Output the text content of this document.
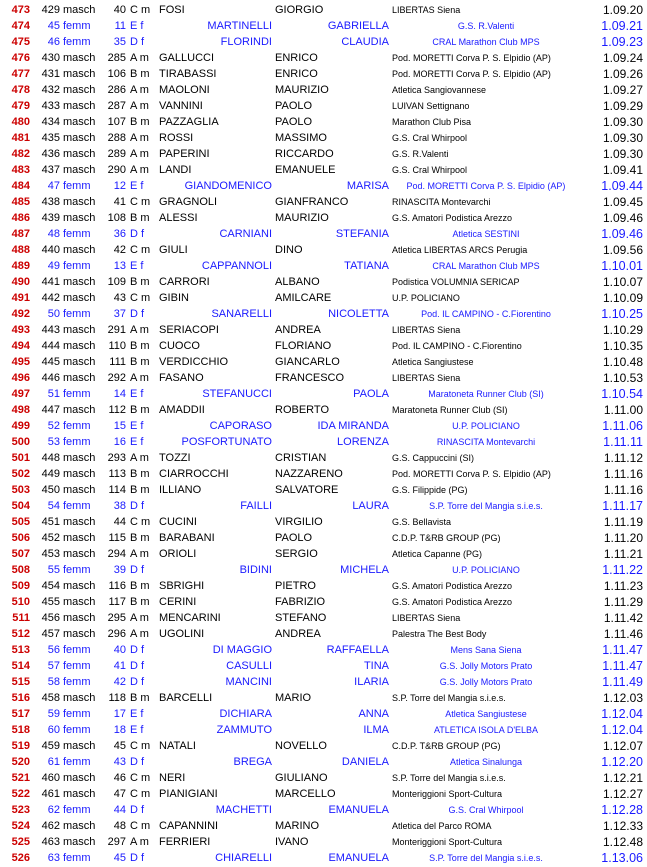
473	429 masch	40 C m FOSI	GIORGIO	LIBERTAS Siena	1.09.20
474	45 femm	11 E f	MARTINELLI	GABRIELLA	G.S. R.Valenti	1.09.21
475	46 femm	35 D f	FLORINDI	CLAUDIA	CRAL Marathon Club MPS	1.09.23
476	430 masch	285 A m GALLUCCI	ENRICO	Pod. MORETTI Corva P. S. Elpidio (AP)	1.09.24
477	431 masch	106 B m TIRABASSI	ENRICO	Pod. MORETTI Corva P. S. Elpidio (AP)	1.09.26
478	432 masch	286 A m MAOLONI	MAURIZIO	Atletica Sangiovannese	1.09.27
479	433 masch	287 A m VANNINI	PAOLO	LUIVAN Settignano	1.09.29
480	434 masch	107 B m PAZZAGLIA	PAOLO	Marathon Club Pisa	1.09.30
481	435 masch	288 A m ROSSI	MASSIMO	G.S. Cral Whirpool	1.09.30
482	436 masch	289 A m PAPERINI	RICCARDO	G.S. R.Valenti	1.09.30
483	437 masch	290 A m LANDI	EMANUELE	G.S. Cral Whirpool	1.09.41
484	47 femm	12 E f	GIANDOMENICO	MARISA	Pod. MORETTI Corva P. S. Elpidio (AP)	1.09.44
485	438 masch	41 C m GRAGNOLI	GIANFRANCO	RINASCITA Montevarchi	1.09.45
486	439 masch	108 B m ALESSI	MAURIZIO	G.S. Amatori Podistica Arezzo	1.09.46
487	48 femm	36 D f	CARNIANI	STEFANIA	Atletica SESTINI	1.09.46
488	440 masch	42 C m GIULI	DINO	Atletica LIBERTAS ARCS Perugia	1.09.56
489	49 femm	13 E f	CAPPANNOLI	TATIANA	CRAL Marathon Club MPS	1.10.01
490	441 masch	109 B m CARRORI	ALBANO	Podistica VOLUMNIA SERICAP	1.10.07
491	442 masch	43 C m GIBIN	AMILCARE	U.P. POLICIANO	1.10.09
492	50 femm	37 D f	SANARELLI	NICOLETTA	Pod. IL CAMPINO - C.Fiorentino	1.10.25
493	443 masch	291 A m SERIACOPI	ANDREA	LIBERTAS Siena	1.10.29
494	444 masch	110 B m CUOCO	FLORIANO	Pod. IL CAMPINO - C.Fiorentino	1.10.35
495	445 masch	111 B m VERDICCHIO	GIANCARLO	Atletica Sangiustese	1.10.48
496	446 masch	292 A m FASANO	FRANCESCO	LIBERTAS Siena	1.10.53
497	51 femm	14 E f	STEFANUCCI	PAOLA	Maratoneta Runner Club (SI)	1.10.54
498	447 masch	112 B m AMADDII	ROBERTO	Maratoneta Runner Club (SI)	1.11.00
499	52 femm	15 E f	CAPORASO	IDA MIRANDA	U.P. POLICIANO	1.11.06
500	53 femm	16 E f	POSFORTUNATO	LORENZA	RINASCITA Montevarchi	1.11.11
501	448 masch	293 A m TOZZI	CRISTIAN	G.S. Cappuccini (SI)	1.11.12
502	449 masch	113 B m CIARROCCHI	NAZZARENO	Pod. MORETTI Corva P. S. Elpidio (AP)	1.11.16
503	450 masch	114 B m ILLIANO	SALVATORE	G.S. Filippide (PG)	1.11.16
504	54 femm	38 D f	FAILLI	LAURA	S.P. Torre del Mangia s.i.e.s.	1.11.17
505	451 masch	44 C m CUCINI	VIRGILIO	G.S. Bellavista	1.11.19
506	452 masch	115 B m BARABANI	PAOLO	C.D.P. T&RB GROUP (PG)	1.11.20
507	453 masch	294 A m ORIOLI	SERGIO	Atletica Capanne (PG)	1.11.21
508	55 femm	39 D f	BIDINI	MICHELA	U.P. POLICIANO	1.11.22
509	454 masch	116 B m SBRIGHI	PIETRO	G.S. Amatori Podistica Arezzo	1.11.23
510	455 masch	117 B m CERINI	FABRIZIO	G.S. Amatori Podistica Arezzo	1.11.29
511	456 masch	295 A m MENCARINI	STEFANO	LIBERTAS Siena	1.11.42
512	457 masch	296 A m UGOLINI	ANDREA	Palestra The Best Body	1.11.46
513	56 femm	40 D f	DI MAGGIO	RAFFAELLA	Mens Sana Siena	1.11.47
514	57 femm	41 D f	CASULLI	TINA	G.S. Jolly Motors Prato	1.11.47
515	58 femm	42 D f	MANCINI	ILARIA	G.S. Jolly Motors Prato	1.11.49
516	458 masch	118 B m BARCELLI	MARIO	S.P. Torre del Mangia s.i.e.s.	1.12.03
517	59 femm	17 E f	DICHIARA	ANNA	Atletica Sangiustese	1.12.04
518	60 femm	18 E f	ZAMMUTO	ILMA	ATLETICA ISOLA D'ELBA	1.12.04
519	459 masch	45 C m NATALI	NOVELLO	C.D.P. T&RB GROUP (PG)	1.12.07
520	61 femm	43 D f	BREGA	DANIELA	Atletica Sinalunga	1.12.20
521	460 masch	46 C m NERI	GIULIANO	S.P. Torre del Mangia s.i.e.s.	1.12.21
522	461 masch	47 C m PIANIGIANI	MARCELLO	Monteriggioni Sport-Cultura	1.12.27
523	62 femm	44 D f	MACHETTI	EMANUELA	G.S. Cral Whirpool	1.12.28
524	462 masch	48 C m CAPANNINI	MARINO	Atletica del Parco ROMA	1.12.33
525	463 masch	297 A m FERRIERI	IVANO	Monteriggioni Sport-Cultura	1.12.48
526	63 femm	45 D f	CHIARELLI	EMANUELA	S.P. Torre del Mangia s.i.e.s.	1.13.06
